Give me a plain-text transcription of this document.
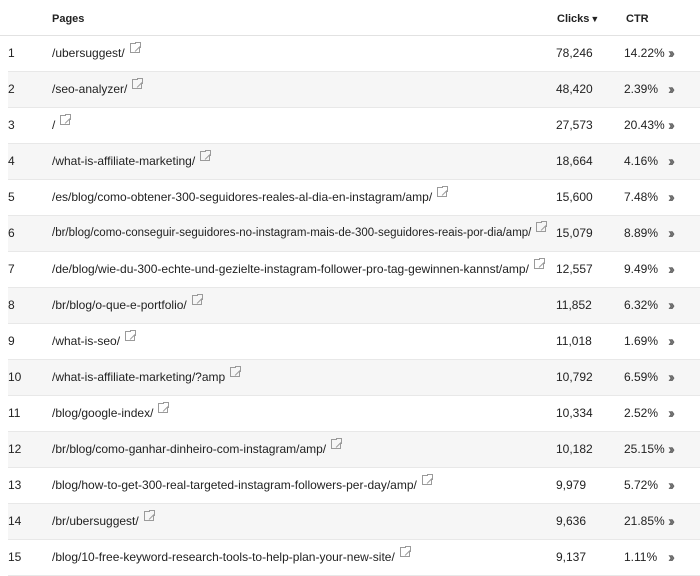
Pages	Clicks▼ CTR
1	/ubersuggest/	78,246	14.22% ››
2	/seo-analyzer/	48,420	2.39% ››
3	/	27,573	20.43% ››
4	/what-is-affiliate-marketing/	18,664	4.16% ››
5	/es/blog/como-obtener-300-seguidores-reales-al-dia-en-instagram/amp/	15,600	7.48% ››
6	/br/blog/como-conseguir-seguidores-no-instagram-mais-de-300-seguidores-reais-por-dia/amp/	15,079	8.89% ››
7	/de/blog/wie-du-300-echte-und-gezielte-instagram-follower-pro-tag-gewinnen-kannst/amp/	12,557	9.49% ››
8	/br/blog/o-que-e-portfolio/	11,852	6.32% ››
9	/what-is-seo/	11,018	1.69% ››
10	/what-is-affiliate-marketing/?amp	10,792	6.59% ››
11	/blog/google-index/	10,334	2.52% ››
12	/br/blog/como-ganhar-dinheiro-com-instagram/amp/	10,182	25.15% ››
13	/blog/how-to-get-300-real-targeted-instagram-followers-per-day/amp/	9,979	5.72% ››
14	/br/ubersuggest/	9,636	21.85% ››
15	/blog/10-free-keyword-research-tools-to-help-plan-your-new-site/	9,137	1.11% ››
